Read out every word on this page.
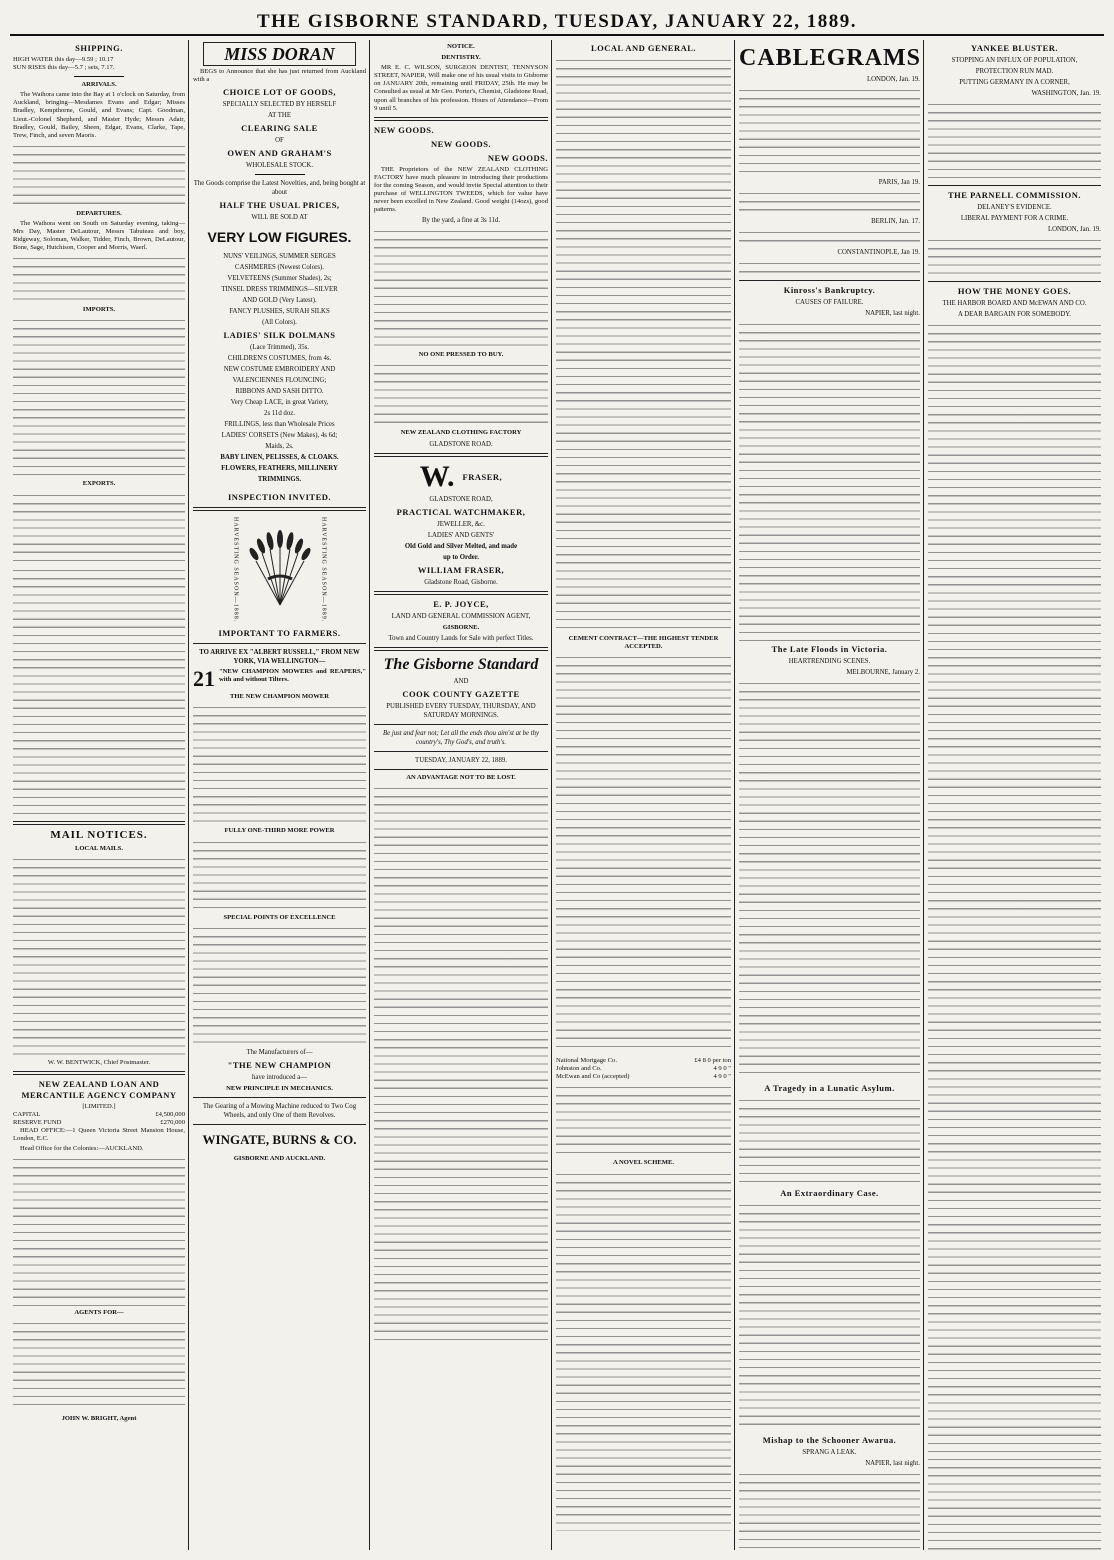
THE GISBORNE STANDARD, TUESDAY, JANUARY 22, 1889.
SHIPPING.
HIGH WATER this day—9.59 ; 10.17
SUN RISES this day—5.7 ; sets, 7.17.
ARRIVALS.
The Waihora came into the Bay at 1 o'clock on Saturday, from Auckland, bringing—Mesdames Evans and Edgar; Misses Bradley, Kempthorne, Gould, and Evans; Capt. Goodman, Lieut.-Colonel Shepherd, and Master Hyde; Messrs Adair, Bradley, Gould, Bailey, Sheen, Edgar, Evans, Clarke, Tape, Trew, Finch, and seven Maoris.
DEPARTURES.
The Waihora went on South on Saturday evening, taking—Mrs Day, Master DeLautour, Messrs Tabuteau and boy, Ridgeway, Soloman, Walker, Tidder, Finch, Brown, DeLautour, Bone, Sage, Hutchison, Cooper and Morris, Waerl.
IMPORTS.
EXPORTS.
MAIL NOTICES.
LOCAL MAILS.
W. W. BENTWICK, Chief Postmaster.
NEW ZEALAND LOAN AND MERCANTILE AGENCY COMPANY
[LIMITED.]
CAPITAL	£4,500,000
RESERVE FUND	£270,000
HEAD OFFICE:—1 Queen Victoria Street Mansion House, London, E.C.
Head Office for the Colonies:—AUCKLAND.
AGENTS FOR—
JOHN W. BRIGHT, Agent
MISS DORAN
BEGS to Announce that she has just returned from Auckland with a
CHOICE LOT OF GOODS,
SPECIALLY SELECTED BY HERSELF
AT THE
CLEARING SALE
OF
OWEN AND GRAHAM'S
WHOLESALE STOCK.
The Goods comprise the Latest Novelties, and, being bought at about
HALF THE USUAL PRICES,
WILL BE SOLD AT
VERY LOW FIGURES.
NUNS' VEILINGS, SUMMER SERGES
CASHMERES (Newest Colors).
VELVETEENS (Summer Shades), 2s;
TINSEL DRESS TRIMMINGS—SILVER
AND GOLD (Very Latest).
FANCY PLUSHES, SURAH SILKS
(All Colors).
LADIES' SILK DOLMANS
(Lace Trimmed), 35s.
CHILDREN'S COSTUMES, from 4s.
NEW COSTUME EMBROIDERY AND
VALENCIENNES FLOUNCING;
RIBBONS AND SASH DITTO.
Very Cheap LACE, in great Variety,
2s 11d doz.
FRILLINGS, less than Wholesale Prices
LADIES' CORSETS (New Makes), 4s 6d;
Maids, 2s.
BABY LINEN, PELISSES, & CLOAKS.
FLOWERS, FEATHERS, MILLINERY
TRIMMINGS.
INSPECTION INVITED.
HARVESTING SEASON—1888.	HARVESTING SEASON—1889.
IMPORTANT TO FARMERS.
TO ARRIVE EX "ALBERT RUSSELL," FROM NEW YORK, VIA WELLINGTON—
21 "NEW CHAMPION MOWERS and REAPERS," with and without Tilters.
THE NEW CHAMPION MOWER
FULLY ONE-THIRD MORE POWER
SPECIAL POINTS OF EXCELLENCE
The Manufacturers of—
"THE NEW CHAMPION
have introduced a—
NEW PRINCIPLE IN MECHANICS.
The Gearing of a Mowing Machine reduced to Two Cog Wheels, and only One of them Revolves.
WINGATE, BURNS & CO.
GISBORNE AND AUCKLAND.
NOTICE.
DENTISTRY.
MR E. C. WILSON, SURGEON DENTIST, TENNYSON STREET, NAPIER, Will make one of his usual visits to Gisborne on JANUARY 20th, remaining until FRIDAY, 25th. He may be Consulted as usual at Mr Geo. Porter's, Chemist, Gladstone Road, upon all branches of his profession. Hours of Attendance—From 9 until 5.
NEW GOODS.
NEW GOODS.
NEW GOODS.
THE Proprietors of the NEW ZEALAND CLOTHING FACTORY have much pleasure in introducing their productions for the coming Season, and would invite Special attention to their purchase of WELLINGTON TWEEDS, which for value have never been excelled in New Zealand. Good weight (14ozs), good patterns.
By the yard, a fine at 3s 11d.
NO ONE PRESSED TO BUY.
NEW ZEALAND CLOTHING FACTORY
GLADSTONE ROAD.
W. FRASER,
GLADSTONE ROAD,
PRACTICAL WATCHMAKER,
JEWELLER, &c.
LADIES' AND GENTS'
Old Gold and Silver Melted, and made
up to Order.
WILLIAM FRASER,
Gladstone Road, Gisborne.
E. P. JOYCE,
LAND AND GENERAL COMMISSION AGENT,
GISBORNE.
Town and Country Lands for Sale with perfect Titles.
The Gisborne Standard
AND
COOK COUNTY GAZETTE
PUBLISHED EVERY TUESDAY, THURSDAY, AND SATURDAY MORNINGS.
Be just and fear not; Let all the ends thou aim'st at be thy country's, Thy God's, and truth's.
TUESDAY, JANUARY 22, 1889.
AN ADVANTAGE NOT TO BE LOST.
LOCAL AND GENERAL.
CEMENT CONTRACT—THE HIGHEST TENDER ACCEPTED.
National Mortgage Co.	£4 8 0 per ton
Johnston and Co.	4 9 0 "
McEwan and Co (accepted)	4 9 0 "
A NOVEL SCHEME.
CABLEGRAMS
LONDON, Jan. 19.
PARIS, Jan 19.
BERLIN, Jan. 17.
CONSTANTINOPLE, Jan 19.
Kinross's Bankruptcy.
CAUSES OF FAILURE.
NAPIER, last night.
The Late Floods in Victoria.
HEARTRENDING SCENES.
MELBOURNE, January 2.
A Tragedy in a Lunatic Asylum.
An Extraordinary Case.
Mishap to the Schooner Awarua.
SPRANG A LEAK.
NAPIER, last night.
YANKEE BLUSTER.
STOPPING AN INFLUX OF POPULATION,
PROTECTION RUN MAD.
PUTTING GERMANY IN A CORNER,
WASHINGTON, Jan. 19.
THE PARNELL COMMISSION.
DELANEY'S EVIDENCE.
LIBERAL PAYMENT FOR A CRIME.
LONDON, Jan. 19.
HOW THE MONEY GOES.
THE HARBOR BOARD AND McEWAN AND CO.
A DEAR BARGAIN FOR SOMEBODY.
